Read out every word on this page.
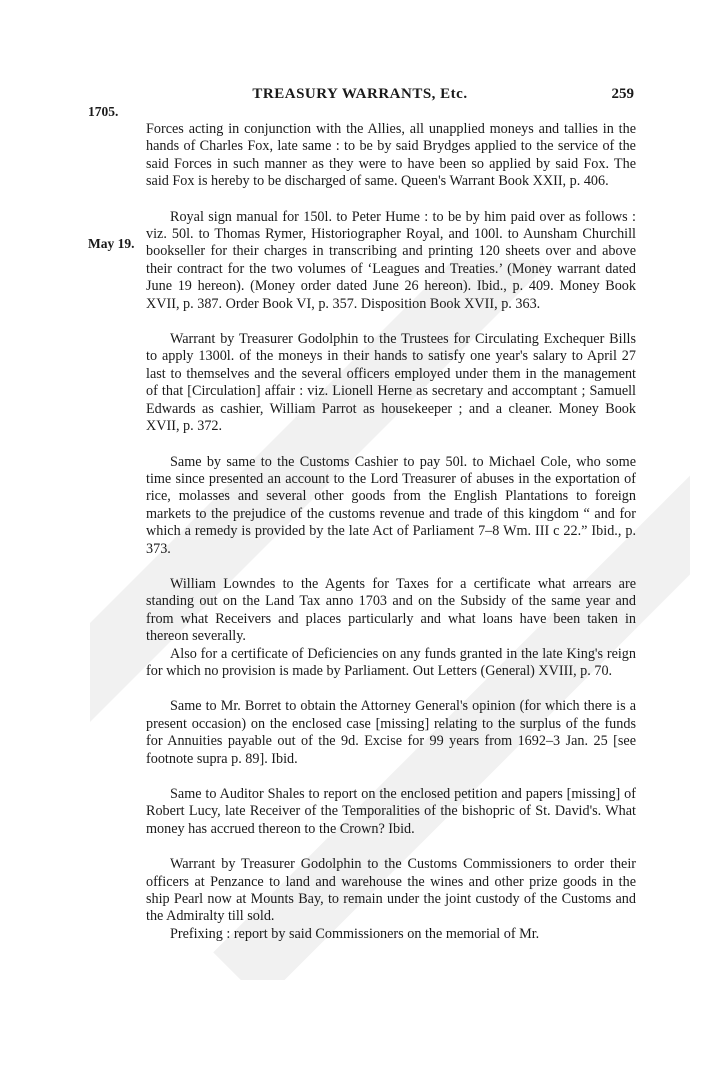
TREASURY WARRANTS, Etc.	259
1705.
May 19.
Forces acting in conjunction with the Allies, all unapplied moneys and tallies in the hands of Charles Fox, late same : to be by said Brydges applied to the service of the said Forces in such manner as they were to have been so applied by said Fox. The said Fox is hereby to be discharged of same. Queen's Warrant Book XXII, p. 406.
Royal sign manual for 150l. to Peter Hume : to be by him paid over as follows : viz. 50l. to Thomas Rymer, Historiographer Royal, and 100l. to Aunsham Churchill bookseller for their charges in transcribing and printing 120 sheets over and above their contract for the two volumes of ‘Leagues and Treaties.’ (Money warrant dated June 19 hereon). (Money order dated June 26 hereon). Ibid., p. 409. Money Book XVII, p. 387. Order Book VI, p. 357. Disposition Book XVII, p. 363.
Warrant by Treasurer Godolphin to the Trustees for Circulating Exchequer Bills to apply 1300l. of the moneys in their hands to satisfy one year's salary to April 27 last to themselves and the several officers employed under them in the management of that [Circulation] affair : viz. Lionell Herne as secretary and accomptant ; Samuell Edwards as cashier, William Parrot as housekeeper ; and a cleaner. Money Book XVII, p. 372.
Same by same to the Customs Cashier to pay 50l. to Michael Cole, who some time since presented an account to the Lord Treasurer of abuses in the exportation of rice, molasses and several other goods from the English Plantations to foreign markets to the prejudice of the customs revenue and trade of this kingdom “ and for which a remedy is provided by the late Act of Parliament 7–8 Wm. III c 22.” Ibid., p. 373.

William Lowndes to the Agents for Taxes for a certificate what arrears are standing out on the Land Tax anno 1703 and on the Subsidy of the same year and from what Receivers and places particularly and what loans have been taken in thereon severally.

Also for a certificate of Deficiencies on any funds granted in the late King's reign for which no provision is made by Parliament. Out Letters (General) XVIII, p. 70.

Same to Mr. Borret to obtain the Attorney General's opinion (for which there is a present occasion) on the enclosed case [missing] relating to the surplus of the funds for Annuities payable out of the 9d. Excise for 99 years from 1692–3 Jan. 25 [see footnote supra p. 89]. Ibid.
Same to Auditor Shales to report on the enclosed petition and papers [missing] of Robert Lucy, late Receiver of the Temporalities of the bishopric of St. David's. What money has accrued thereon to the Crown? Ibid.

Warrant by Treasurer Godolphin to the Customs Commissioners to order their officers at Penzance to land and warehouse the wines and other prize goods in the ship Pearl now at Mounts Bay, to remain under the joint custody of the Customs and the Admiralty till sold.

Prefixing : report by said Commissioners on the memorial of Mr.
